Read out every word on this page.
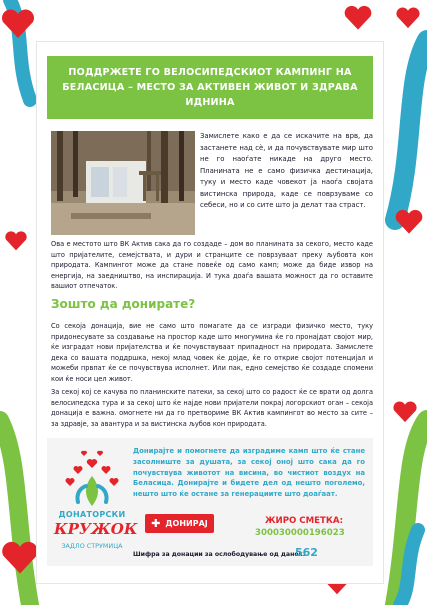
ПОДДРЖЕТЕ ГО ВЕЛОСИПЕДСКИОТ КАМПИНГ НА БЕЛАСИЦА – МЕСТО ЗА АКТИВЕН ЖИВОТ И ЗДРАВА ИДНИНА
Замислете како е да се искачите на врв, да застанете над сè, и да почувствувате мир што не го наоѓате никаде на друго место. Планината не е само физичка дестинација, туку и место каде човекот ја наоѓа својата вистинска природа, каде се поврзуваме со себеси, но и со сите што ја делат таа страст.
Ова е местото што ВК Актив сака да го создаде – дом во планината за секого, место каде што пријателите, семејствата, и дури и странците се поврзуваат преку љубовта кон природата. Кампингот може да стане повеќе од само камп; може да биде извор на енергија, на заедништво, на инспирација. И тука доаѓа вашата можност да го оставите вашиот отпечаток.
Зошто да донирате?
Со секоја донација, вие не само што помагате да се изгради физичко место, туку придонесувате за создавање на простор каде што многумина ќе го пронајдат својот мир, ќе изградат нови пријателства и ќе почувствуваат припадност на природата. Замислете дека со вашата поддршка, некој млад човек ќе дојде, ќе го открие својот потенцијал и можеби првпат ќе се почувствува исполнет. Или пак, едно семејство ќе создаде спомени кои ќе носи цел живот.
За секој кој се качува по планинските патеки, за секој што со радост ќе се врати од долга велосипедска тура и за секој што ќе најде нови пријатели покрај логорскиот оган – секоја донација е важна. омогнете ни да го претвориме ВК Актив кампингот во место за сите – за здравје, за авантура и за вистинска љубов кон природата.
ДОНАТОРСКИ
КРУЖОК
ЗАДЛО СТРУМИЦА
Донирајте и помогнете да изградиме камп што ќе стане засолниште за душата, за секој оној што сака да го почувствува животот на висина, во чистиот воздух на Беласица. Донирајте и бидете дел од нешто поголемо, нешто што ќе остане за генерациите што доаѓаат.
✚ ДОНИРАЈ	ЖИРО СМЕТКА:
300030000196023
Шифра за донации за ослободување од данок:
562
